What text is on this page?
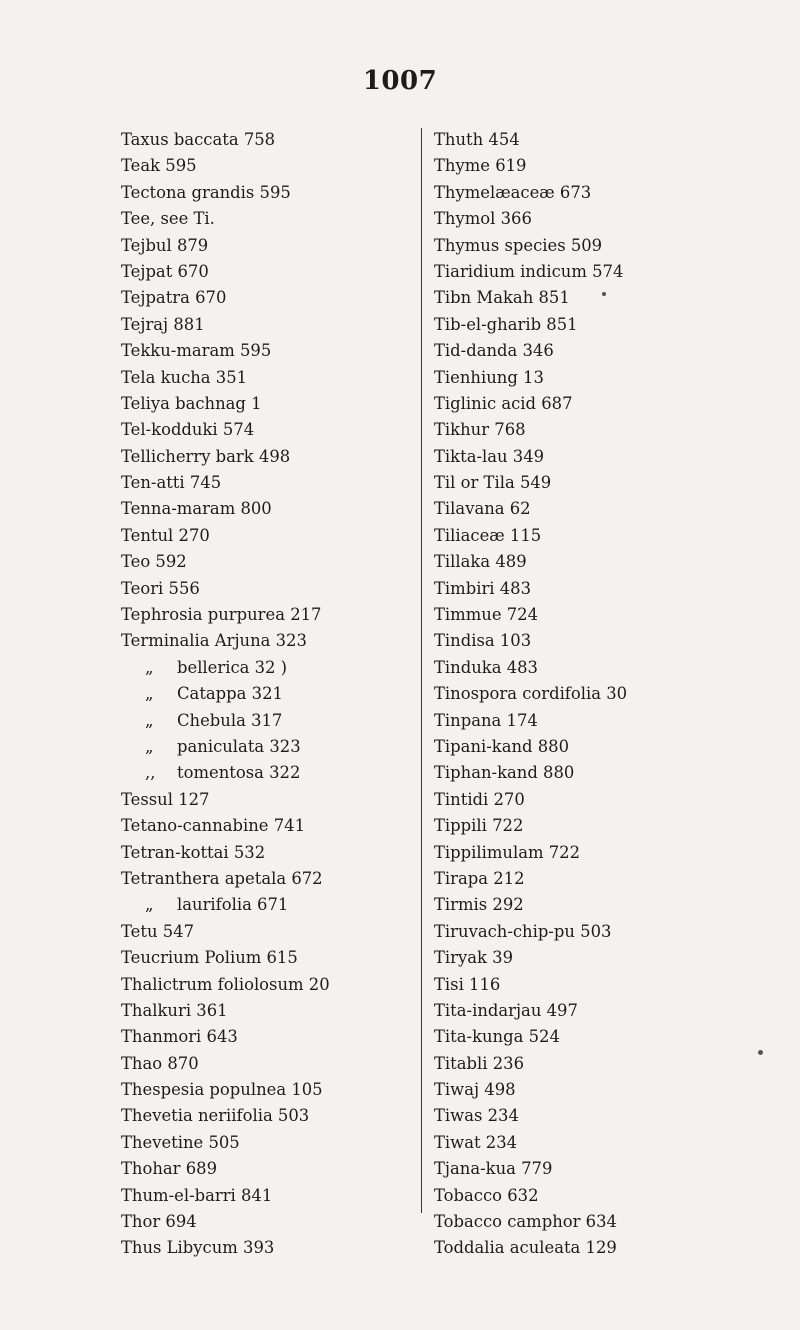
1007
Taxus baccata 758
Teak 595
Tectona grandis 595
Tee, see Ti.
Tejbul 879
Tejpat 670
Tejpatra 670
Tejraj 881
Tekku-maram 595
Tela kucha 351
Teliya bachnag 1
Tel-kodduki 574
Tellicherry bark 498
Ten-atti 745
Tenna-maram 800
Tentul 270
Teo 592
Teori 556
Tephrosia purpurea 217
Terminalia Arjuna 323
„ bellerica 32 )
„ Catappa 321
„ Chebula 317
„ paniculata 323
,, tomentosa 322
Tessul 127
Tetano-cannabine 741
Tetran-kottai 532
Tetranthera apetala 672
„ laurifolia 671
Tetu 547
Teucrium Polium 615
Thalictrum foliolosum 20
Thalkuri 361
Thanmori 643
Thao 870
Thespesia populnea 105
Thevetia neriifolia 503
Thevetine 505
Thohar 689
Thum-el-barri 841
Thor 694
Thus Libycum 393
Thuth 454
Thyme 619
Thymelæaceæ 673
Thymol 366
Thymus species 509
Tiaridium indicum 574
Tibn Makah 851
Tib-el-gharib 851
Tid-danda 346
Tienhiung 13
Tiglinic acid 687
Tikhur 768
Tikta-lau 349
Til or Tila 549
Tilavana 62
Tiliaceæ 115
Tillaka 489
Timbiri 483
Timmue 724
Tindisa 103
Tinduka 483
Tinospora cordifolia 30
Tinpana 174
Tipani-kand 880
Tiphan-kand 880
Tintidi 270
Tippili 722
Tippilimulam 722
Tirapa 212
Tirmis 292
Tiruvach-chip-pu 503
Tiryak 39
Tisi 116
Tita-indarjau 497
Tita-kunga 524
Titabli 236
Tiwaj 498
Tiwas 234
Tiwat 234
Tjana-kua 779
Tobacco 632
Tobacco camphor 634
Toddalia aculeata 129
